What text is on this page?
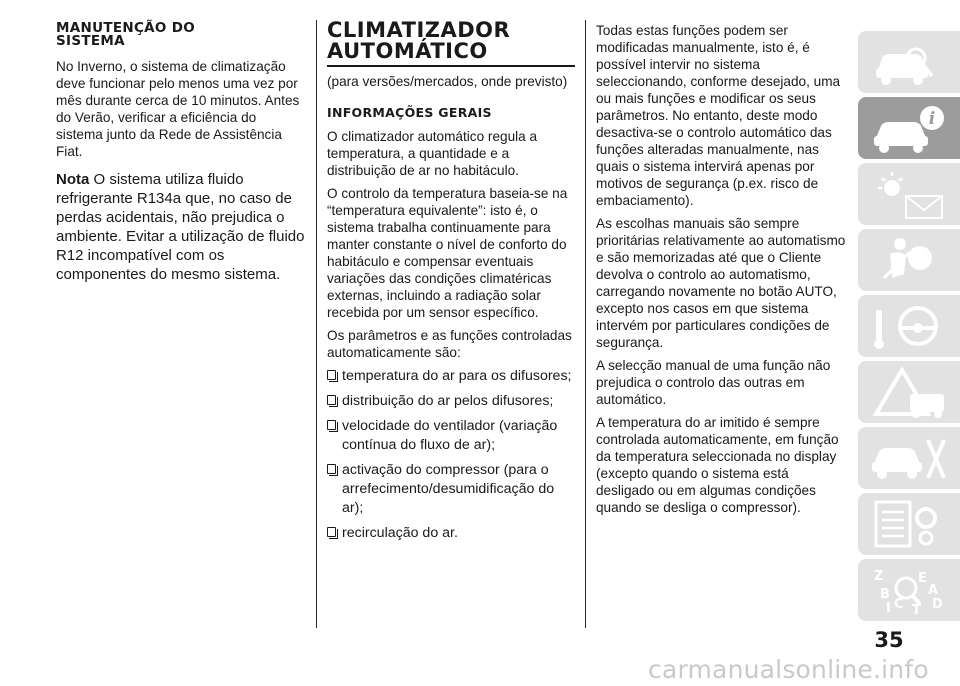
MANUTENÇÃO DO SISTEMA

No Inverno, o sistema de climatização deve funcionar pelo menos uma vez por mês durante cerca de 10 minutos. Antes do Verão, verificar a eficiência do sistema junto da Rede de Assistência Fiat.

Nota O sistema utiliza fluido refrigerante R134a que, no caso de perdas acidentais, não prejudica o ambiente. Evitar a utilização de fluido R12 incompatível com os componentes do mesmo sistema.

CLIMATIZADOR AUTOMÁTICO

(para versões/mercados, onde previsto)

INFORMAÇÕES GERAIS

O climatizador automático regula a temperatura, a quantidade e a distribuição de ar no habitáculo.

O controlo da temperatura baseia-se na “temperatura equivalente”: isto é, o sistema trabalha continuamente para manter constante o nível de conforto do habitáculo e compensar eventuais variações das condições climatéricas externas, incluindo a radiação solar recebida por um sensor específico.

Os parâmetros e as funções controladas automaticamente são:

temperatura do ar para os difusores;
distribuição do ar pelos difusores;
velocidade do ventilador (variação contínua do fluxo de ar);
activação do compressor (para o arrefecimento/desumidificação do ar);
recirculação do ar.

Todas estas funções podem ser modificadas manualmente, isto é, é possível intervir no sistema seleccionando, conforme desejado, uma ou mais funções e modificar os seus parâmetros. No entanto, deste modo desactiva-se o controlo automático das funções alteradas manualmente, nas quais o sistema intervirá apenas por motivos de segurança (p.ex. risco de embaciamento).

As escolhas manuais são sempre prioritárias relativamente ao automatismo e são memorizadas até que o Cliente devolva o controlo ao automatismo, carregando novamente no botão AUTO, excepto nos casos em que sistema intervém por particulares condições de segurança.

A selecção manual de uma função não prejudica o controlo das outras em automático.

A temperatura do ar imitido é sempre controlada automaticamente, em função da temperatura seleccionada no display (excepto quando o sistema está desligado ou em algumas condições quando se desliga o compressor).

i
Z	E
B	A
D
I C T
35
carmanualsonline.info
